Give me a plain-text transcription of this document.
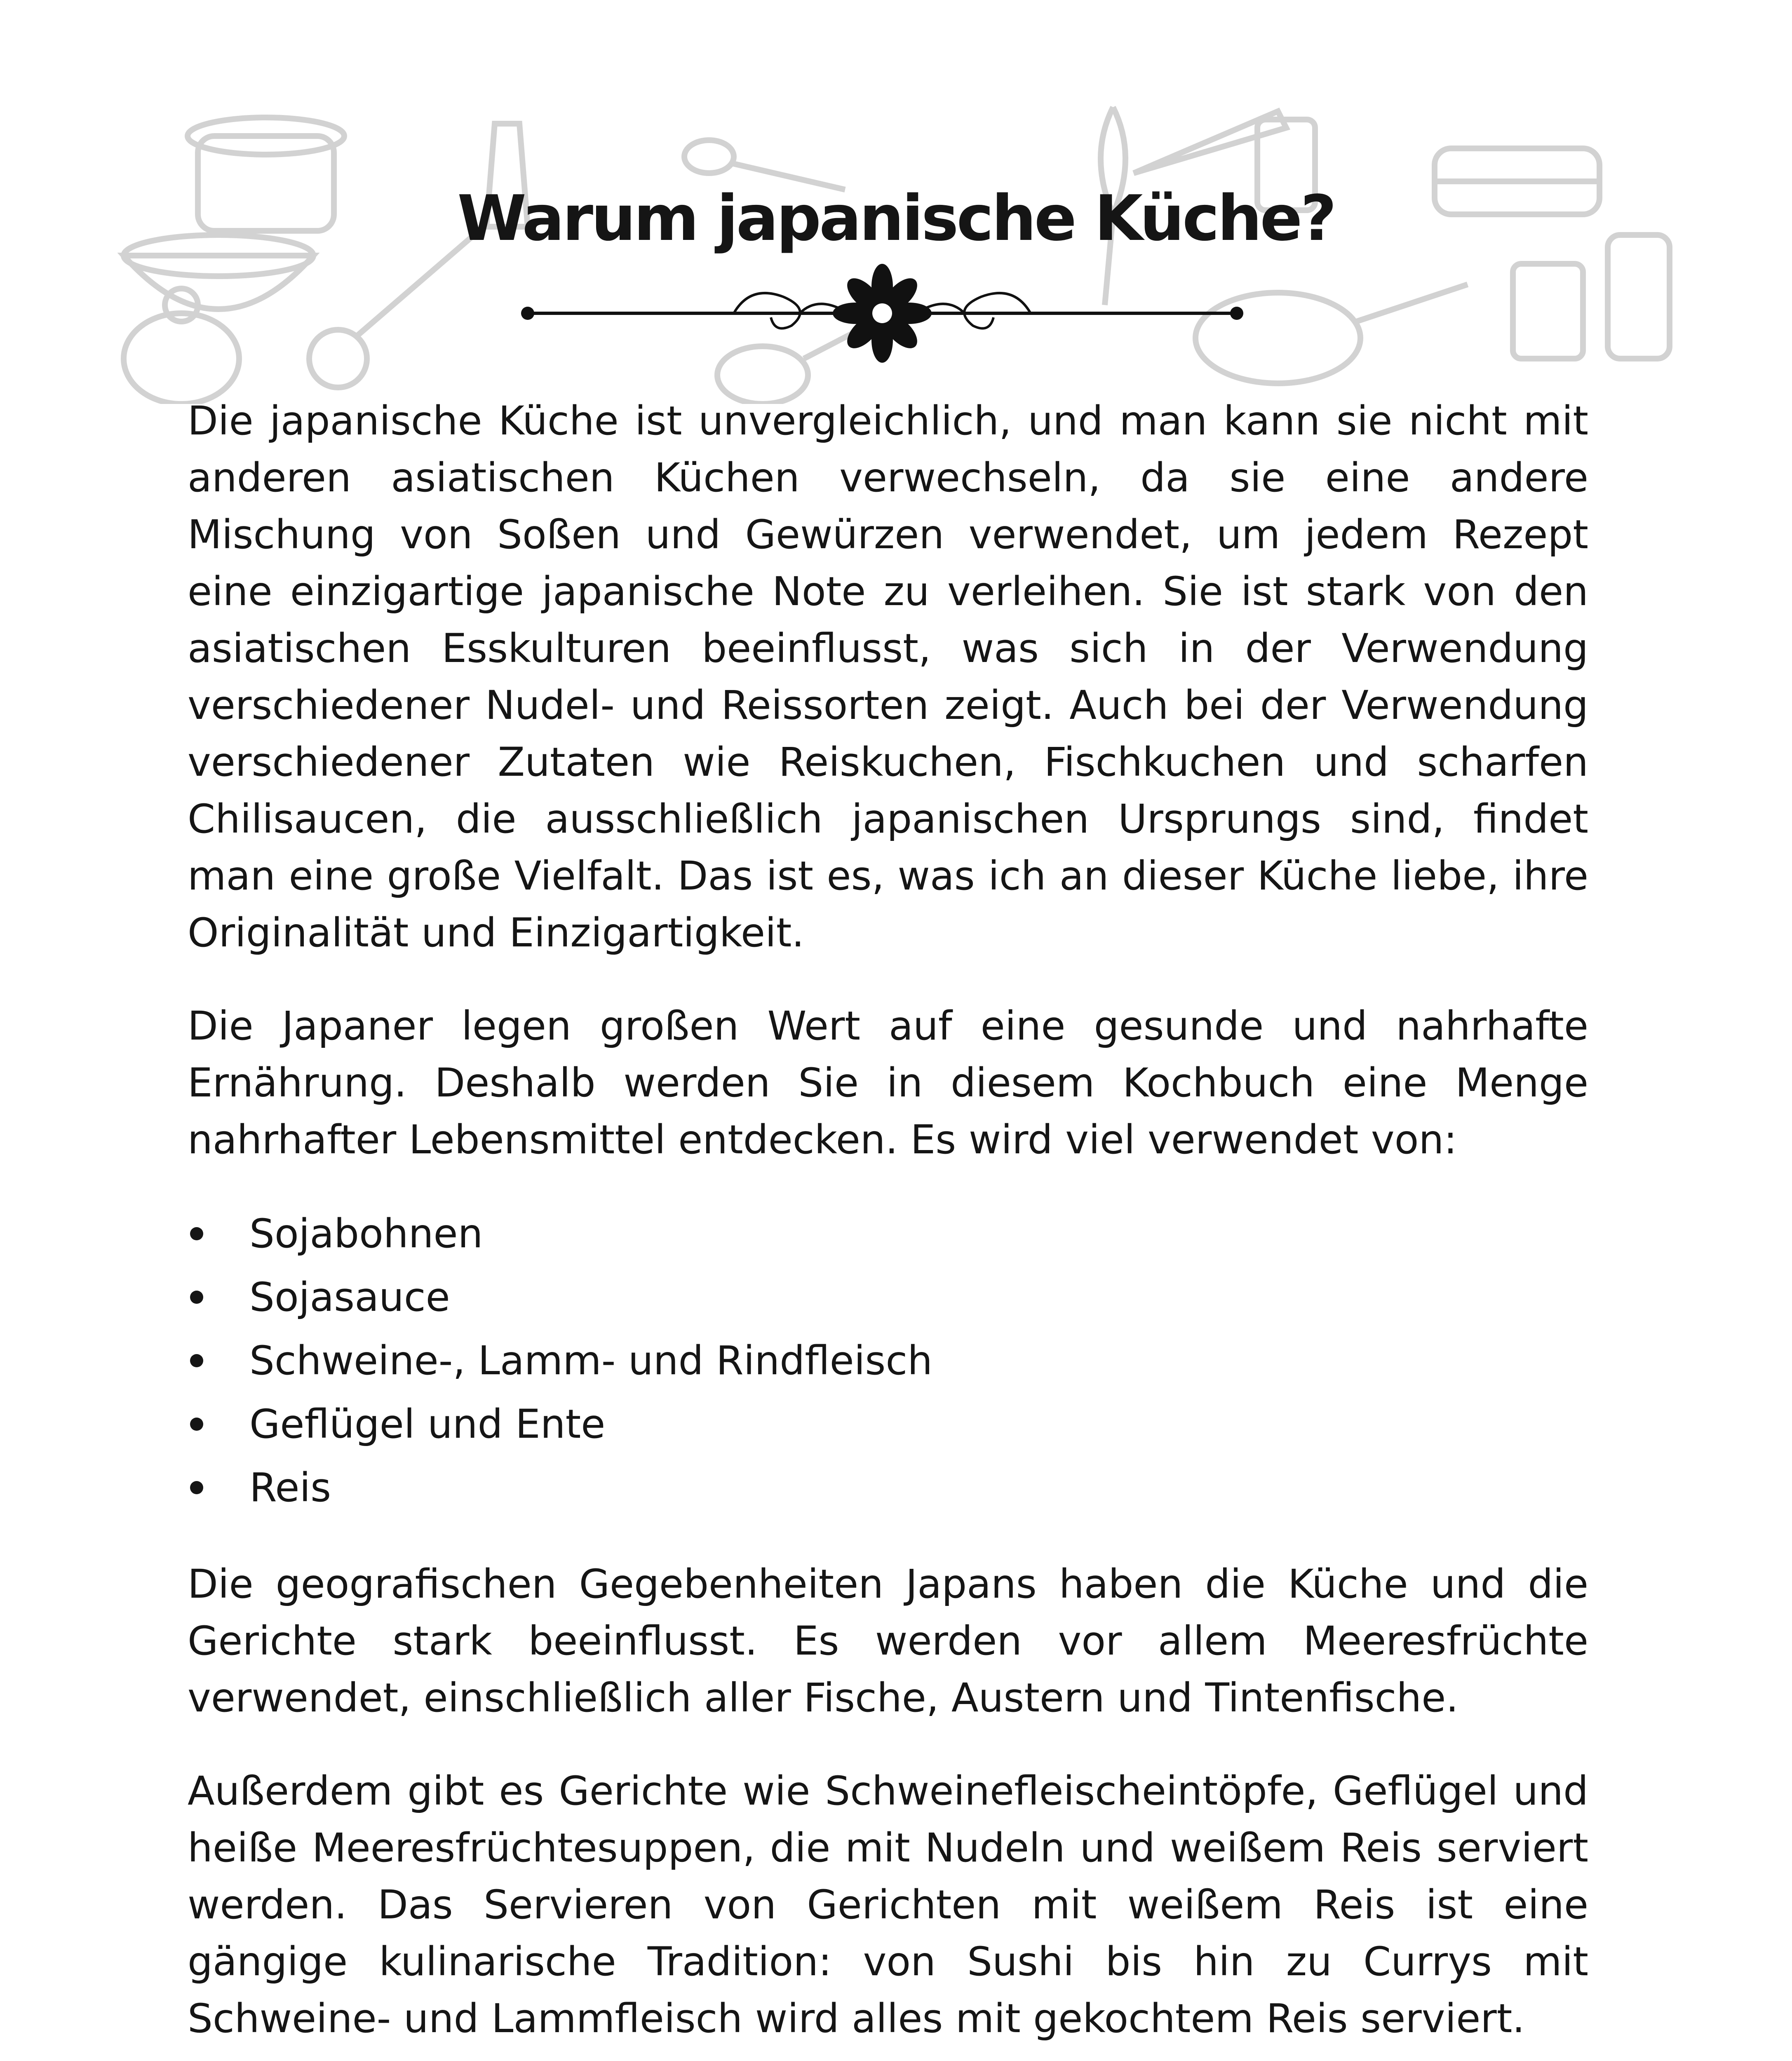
Warum japanische Küche?

Die japanische Küche ist unvergleichlich, und man kann sie nicht mit anderen asiatischen Küchen verwechseln, da sie eine andere Mischung von Soßen und Gewürzen verwendet, um jedem Rezept eine einzigartige japanische Note zu verleihen. Sie ist stark von den asiatischen Esskulturen beeinflusst, was sich in der Verwendung verschiedener Nudel- und Reissorten zeigt. Auch bei der Verwendung verschiedener Zutaten wie Reiskuchen, Fischkuchen und scharfen Chilisaucen, die ausschließlich japanischen Ursprungs sind, findet man eine große Vielfalt. Das ist es, was ich an dieser Küche liebe, ihre Originalität und Einzigartigkeit.

Die Japaner legen großen Wert auf eine gesunde und nahrhafte Ernährung. Deshalb werden Sie in diesem Kochbuch eine Menge nahrhafter Lebensmittel entdecken. Es wird viel verwendet von:

Sojabohnen
Sojasauce
Schweine-, Lamm- und Rindfleisch
Geflügel und Ente
Reis

Die geografischen Gegebenheiten Japans haben die Küche und die Gerichte stark beeinflusst. Es werden vor allem Meeresfrüchte verwendet, einschließlich aller Fische, Austern und Tintenfische.

Außerdem gibt es Gerichte wie Schweinefleischeintöpfe, Geflügel und heiße Meeresfrüchtesuppen, die mit Nudeln und weißem Reis serviert werden. Das Servieren von Gerichten mit weißem Reis ist eine gängige kulinarische Tradition: von Sushi bis hin zu Currys mit Schweine- und Lammfleisch wird alles mit gekochtem Reis serviert.
